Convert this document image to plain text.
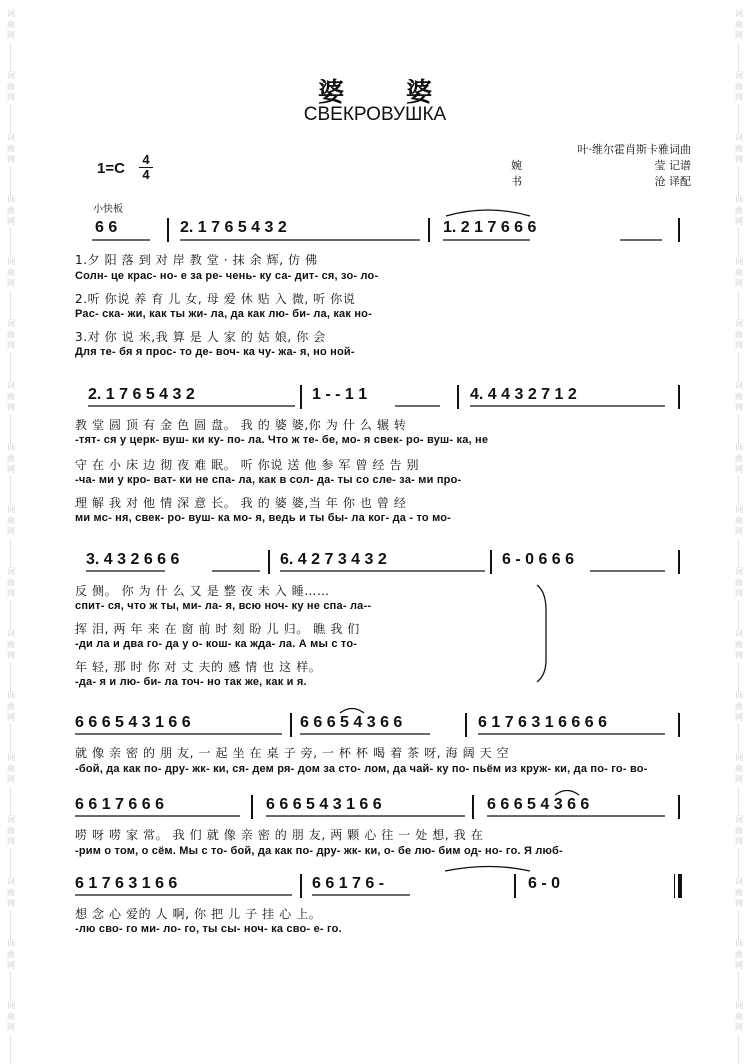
词
曲
网
词
曲
网
词
曲
网
词
曲
网
词
曲
网
词
曲
网
词
曲
网
词
曲
网
词
曲
网
词
曲
网
词
曲
网
词
曲
网
词
曲
网
词
曲
网
词
曲
网
词
曲
网
词
曲
网
词
曲
网
词
曲
网
词
曲
网
词
曲
网
词
曲
网
词
曲
网
词
曲
网
词
曲
网
词
曲
网
词
曲
网
词
曲
网
词
曲
网
词
曲
网
词
曲
网
词
曲
网
词
曲
网
词
曲
网
婆婆
СВЕКРОВУШКА
叶·维尔霍肖斯卡雅词曲
婉	莹 记谱
书	沧 译配
1=C
4
4
小快板
6 6	2. 1 7 6 5 4 3 2	1. 2 1 7 6 6 6
1.夕 阳 落 到 对 岸 教 堂 · 抹 余 辉, 仿 佛
Солн- це крас- но- е за ре- чень- ку са- дит- ся, зо- ло-
2.听 你说 养 育 儿 女, 母 爱 休 贴 入 微, 听 你说
Рас- ска- жи, как ты жи- ла, да как лю- би- ла, как но-
3.对 你 说 米,我 算 是 人 家 的 姑 娘, 你 会
Для те- бя я прос- то де- воч- ка чу- жа- я, но ной-
2. 1 7 6 5 4 3 2	1 - - 1 1	4. 4 4 3 2 7 1 2
教 堂 圆 顶 有 金 色 圆 盘。 我 的 婆 婆,你 为 什 么 辗 转
-тят- ся у церк- вуш- ки ку- по- ла. Что ж те- бе, мо- я свек- ро- вуш- ка, не
守 在 小 床 边 彻 夜 难 眠。 听 你说 送 他 参 军 曾 经 告 别
-ча- ми у кро- ват- ки не спа- ла, как в сол- да- ты со сле- за- ми про-
理 解 我 对 他 情 深 意 长。 我 的 婆 婆,当 年 你 也 曾 经
ми мс- ня, свек- ро- вуш- ка мо- я, ведь и ты бы- ла ког- да - то мо-
3. 4 3 2 6 6 6	6. 4 2 7 3 4 3 2	6 - 0 6 6 6
反 侧。 你 为 什 么 又 是 整 夜 未 入 睡……
спит- ся, что ж ты, ми- ла- я, всю ноч- ку не спа- ла--
挥 泪, 两 年 来 在 窗 前 时 刻 盼 儿 归。 瞧 我 们
-ди ла и два го- да у о- кош- ка жда- ла. А мы с то-
年 轻, 那 时 你 对 丈 夫的 感 情 也 这 样。
-да- я и лю- би- ла точ- но так же, как и я.
6 6 6 5 4 3 1 6 6	6 6 6 5 4 3 6 6	6 1 7 6 3 1 6 6 6 6
就 像 亲 密 的 朋 友, 一 起 坐 在 桌 子 旁, 一 杯 杯 喝 着 茶 呀, 海 阔 天 空
-бой, да как по- дру- жк- ки, ся- дем ря- дом за сто- лом, да чай- ку по- пьём из круж- ки, да по- го- во-
6 6 1 7 6 6 6	6 6 6 5 4 3 1 6 6	6 6 6 5 4 3 6 6
唠 呀 唠 家 常。 我 们 就 像 亲 密 的 朋 友, 两 颗 心 往 一 处 想, 我 在
-рим о том, о сём. Мы с то- бой, да как по- дру- жк- ки, о- бе лю- бим од- но- го. Я люб-
6 1 7 6 3 1 6 6	6 6 1 7 6 -	6 - 0
想 念 心 爱的 人 啊, 你 把 儿 子 挂 心 上。
-лю сво- го ми- ло- го, ты сы- ноч- ка сво- е- го.
